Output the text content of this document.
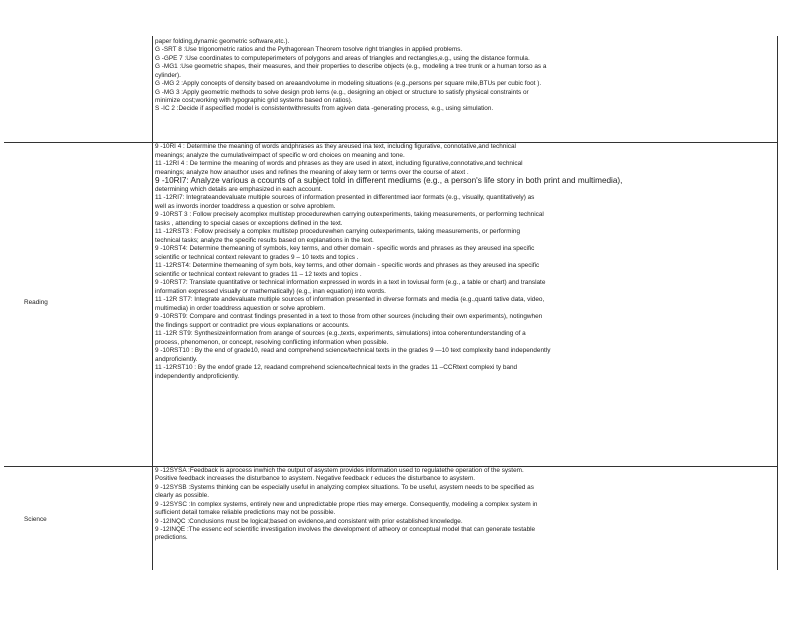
Reading
Science
paper folding,dynamic geometric software,etc.).
G -SRT 8 :Use trigonometric ratios and the Pythagorean Theorem tosolve right triangles in applied problems.
G -GPE 7 :Use coordinates to computeperimeters of polygons and areas of triangles and rectangles,e.g., using the distance formula.
G -MG1 :Use geometric shapes, their measures, and their properties to describe objects (e.g., modeling a tree trunk or a human torso as a
cylinder).
G -MG 2 :Apply concepts of density based on areaandvolume in modeling situations (e.g.,persons per square mile,BTUs per cubic foot ).
G -MG 3 :Apply geometric methods to solve design prob lems (e.g., designing an object or structure to satisfy physical constraints or
minimize cost;working with typographic grid systems based on ratios).
S -IC 2 :Decide if aspecified model is consistentwithresults from agiven data -generating process, e.g., using simulation.
9 -10RI 4 : Determine the meaning of words andphrases as they areused ina text, including figurative, connotative,and technical
meanings; analyze the cumulativeimpact of specific w ord choices on meaning and tone.
11 -12RI 4 : De termine the meaning of words and phrases as they are used in atext, including figurative,connotative,and technical
meanings; analyze how anauthor uses and refines the meaning of akey term or terms over the course of atext .
9 -10RI7: Analyze various a ccounts of a subject told in different mediums (e.g., a person's life story in both print and multimedia),
determining which details are emphasized in each account.
11 -12RI7: Integrateandevaluate multiple sources of information presented in differentmed iaor formats (e.g., visually, quantitatively) as
well as inwords inorder toaddress a question or solve aproblem.
9 -10RST 3 : Follow precisely acomplex multistep procedurewhen carrying outexperiments, taking measurements, or performing technical
tasks , attending to special cases or exceptions defined in the text.
11 -12RST3 : Follow precisely a complex multistep procedurewhen carrying outexperiments, taking measurements, or performing
technical tasks; analyze the specific results based on explanations in the text.
9 -10RST4: Determine themeaning of symbols, key terms, and other domain - specific words and phrases as they areused ina specific
scientific or technical context relevant to grades 9 – 10 texts and topics .
11 -12RST4: Determine themeaning of sym bols, key terms, and other domain - specific words and phrases as they areused ina specific
scientific or technical context relevant to grades 11 – 12 texts and topics .
9 -10RST7: Translate quantitative or technical information expressed in words in a text in toviusal form (e.g., a table or chart) and translate
information expressed visually or mathematically) (e.g., inan equation) into words.
11 -12R ST7: Integrate andevaluate multiple sources of information presented in diverse formats and media (e.g.,quanti tative data, video,
multimedia) in order toaddress aquestion or solve aproblem.
9 -10RST9: Compare and contrast findings presented in a text to those from other sources (including their own experiments), notingwhen
the findings support or contradict pre vious explanations or accounts.
11 -12R ST9: Synthesizeinformation from arange of sources (e.g.,texts, experiments, simulations) intoa coherentunderstanding of a
process, phenomenon, or concept, resolving conflicting information when possible.
9 -10RST10 : By the end of grade10, read and comprehend science/technical texts in the grades 9 —10 text complexity band independently
andproficiently.
11 -12RST10 : By the endof grade 12, readand comprehend science/technical texts in the grades 11 –CCRtext complexi ty band
independently andproficiently.
9 -12SYSA :Feedback is aprocess inwhich the output of asystem provides information used to regulatethe operation of the system.
Positive feedback increases the disturbance to asystem. Negative feedback r educes the disturbance to asystem.
9 -12SYSB :Systems thinking can be especially useful in analyzing complex situations. To be useful, asystem needs to be specified as
clearly as possible.
9 -12SYSC :In complex systems, entirely new and unpredictable prope rties may emerge. Consequently, modeling a complex system in
sufficient detail tomake reliable predictions may not be possible.
9 -12INQC :Conclusions must be logical;based on evidence,and consistent with prior established knowledge.
9 -12INQE :The essenc eof scientific investigation involves the development of atheory or conceptual model that can generate testable
predictions.
